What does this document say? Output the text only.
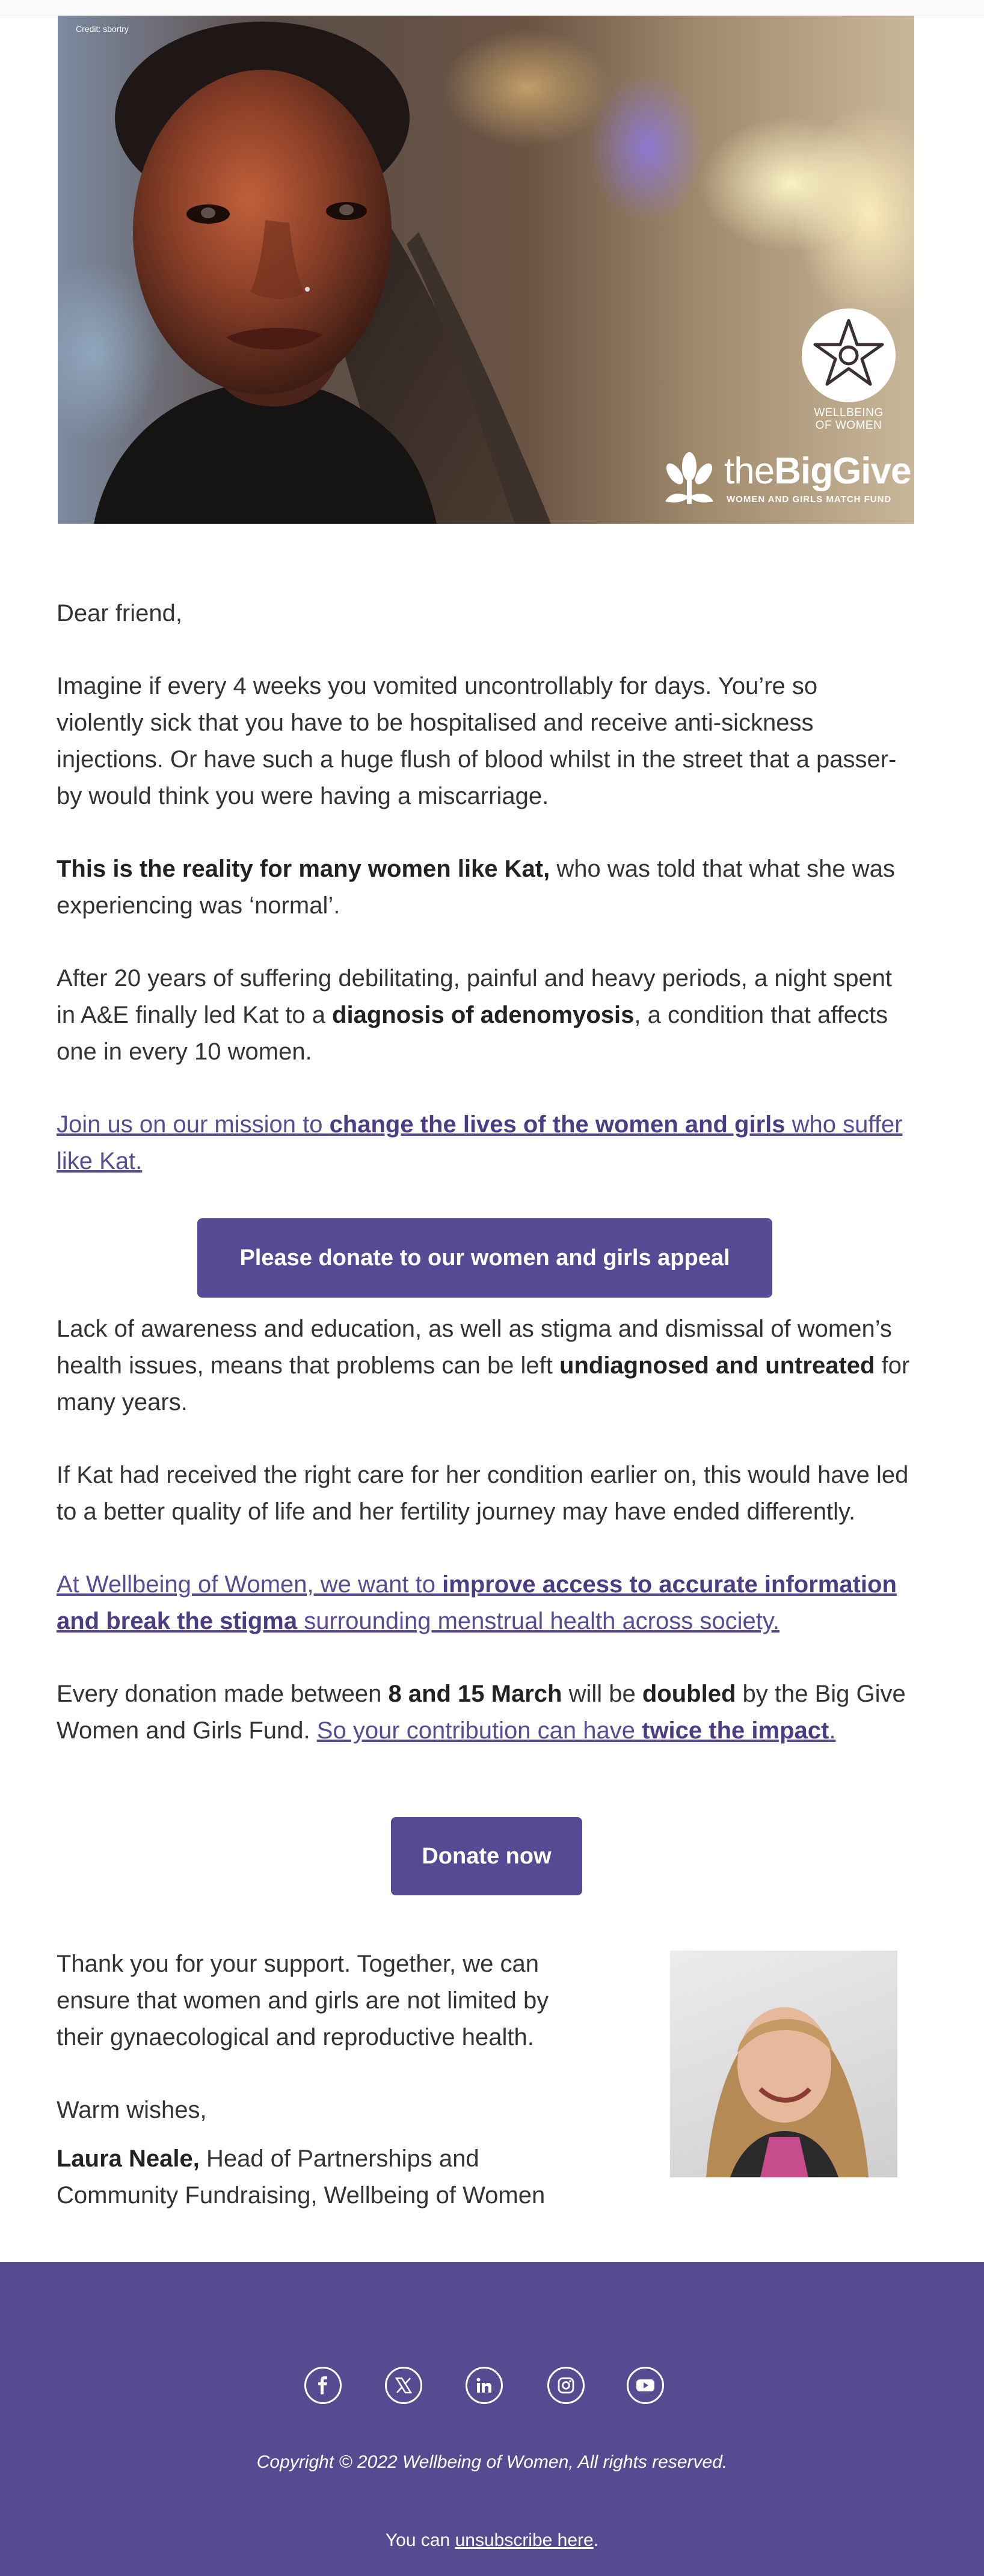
Credit: sbortry
WELLBEING
OF WOMEN
theBigGive
WOMEN AND GIRLS MATCH FUND

Dear friend,

Imagine if every 4 weeks you vomited uncontrollably for days. You’re so violently sick that you have to be hospitalised and receive anti-sickness injections. Or have such a huge flush of blood whilst in the street that a passer-by would think you were having a miscarriage.

This is the reality for many women like Kat, who was told that what she was experiencing was ‘normal’.

After 20 years of suffering debilitating, painful and heavy periods, a night spent in A&E finally led Kat to a diagnosis of adenomyosis, a condition that affects one in every 10 women.

Join us on our mission to change the lives of the women and girls who suffer like Kat.

Please donate to our women and girls appeal

Lack of awareness and education, as well as stigma and dismissal of women’s health issues, means that problems can be left undiagnosed and untreated for many years.

If Kat had received the right care for her condition earlier on, this would have led to a better quality of life and her fertility journey may have ended differently.

At Wellbeing of Women, we want to improve access to accurate information and break the stigma surrounding menstrual health across society.

Every donation made between 8 and 15 March will be doubled by the Big Give Women and Girls Fund. So your contribution can have twice the impact.

Donate now

Thank you for your support. Together, we can ensure that women and girls are not limited by their gynaecological and reproductive health.

Warm wishes,

Laura Neale, Head of Partnerships and Community Fundraising, Wellbeing of Women

Copyright © 2022 Wellbeing of Women, All rights reserved.
You can unsubscribe here.
